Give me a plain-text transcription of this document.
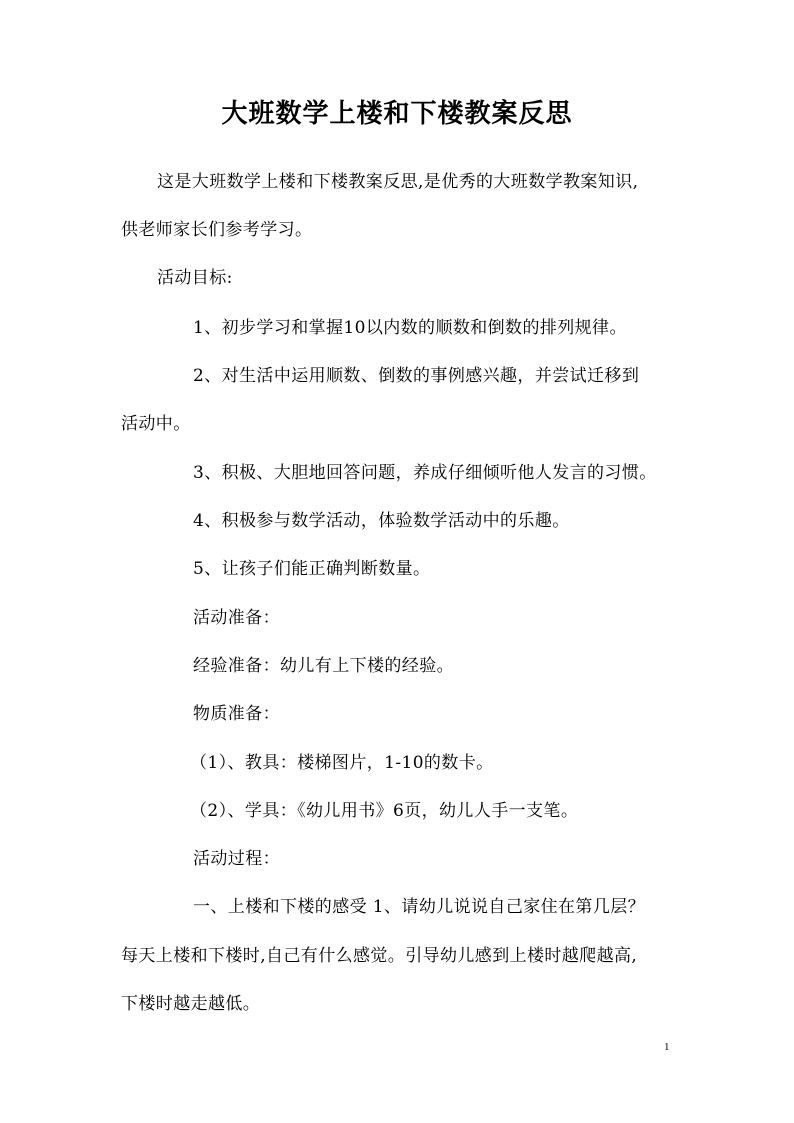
大班数学上楼和下楼教案反思
这是大班数学上楼和下楼教案反思,是优秀的大班数学教案知识,
供老师家长们参考学习。
活动目标:
1、初步学习和掌握10以内数的顺数和倒数的排列规律。
2、对生活中运用顺数、倒数的事例感兴趣，并尝试迁移到
活动中。
3、积极、大胆地回答问题，养成仔细倾听他人发言的习惯。
4、积极参与数学活动，体验数学活动中的乐趣。
5、让孩子们能正确判断数量。
活动准备：
经验准备：幼儿有上下楼的经验。
物质准备：
（1）、教具：楼梯图片，1-10的数卡。
（2）、学具：《幼儿用书》6页，幼儿人手一支笔。
活动过程：
一、上楼和下楼的感受 1、请幼儿说说自己家住在第几层？
每天上楼和下楼时,自己有什么感觉。引导幼儿感到上楼时越爬越高,
下楼时越走越低。
1
